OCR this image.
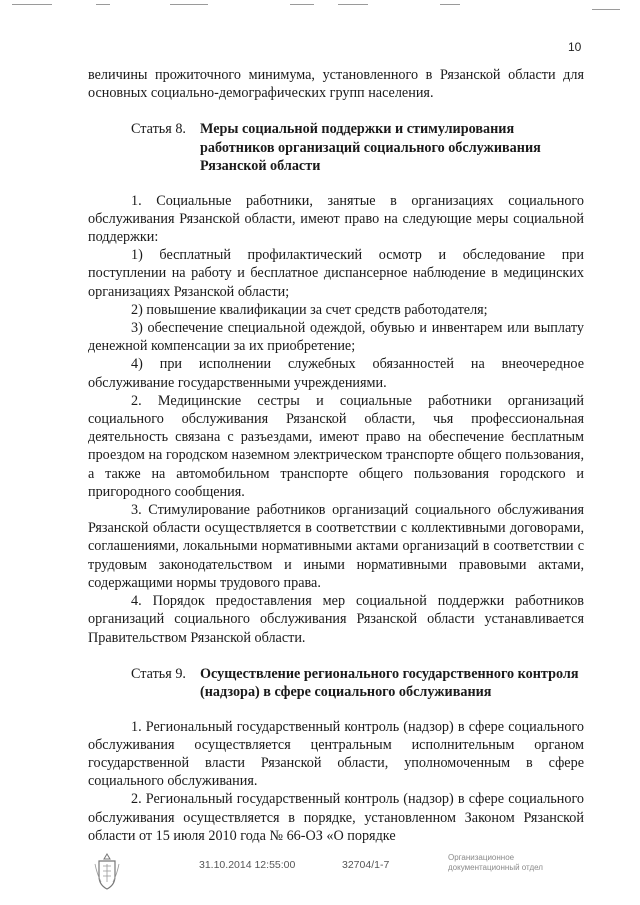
10

величины прожиточного минимума, установленного в Рязанской области для основных социально-демографических групп населения.

Статья 8. Меры социальной поддержки и стимулирования работников организаций социального обслуживания Рязанской области

1. Социальные работники, занятые в организациях социального обслуживания Рязанской области, имеют право на следующие меры социальной поддержки:

1) бесплатный профилактический осмотр и обследование при поступлении на работу и бесплатное диспансерное наблюдение в медицинских организациях Рязанской области;

2) повышение квалификации за счет средств работодателя;

3) обеспечение специальной одеждой, обувью и инвентарем или выплату денежной компенсации за их приобретение;

4) при исполнении служебных обязанностей на внеочередное обслуживание государственными учреждениями.

2. Медицинские сестры и социальные работники организаций социального обслуживания Рязанской области, чья профессиональная деятельность связана с разъездами, имеют право на обеспечение бесплатным проездом на городском наземном электрическом транспорте общего пользования, а также на автомобильном транспорте общего пользования городского и пригородного сообщения.

3. Стимулирование работников организаций социального обслуживания Рязанской области осуществляется в соответствии с коллективными договорами, соглашениями, локальными нормативными актами организаций в соответствии с трудовым законодательством и иными нормативными правовыми актами, содержащими нормы трудового права.

4. Порядок предоставления мер социальной поддержки работников организаций социального обслуживания Рязанской области устанавливается Правительством Рязанской области.

Статья 9. Осуществление регионального государственного контроля (надзора) в сфере социального обслуживания

1. Региональный государственный контроль (надзор) в сфере социального обслуживания осуществляется центральным исполнительным органом государственной власти Рязанской области, уполномоченным в сфере социального обслуживания.

2. Региональный государственный контроль (надзор) в сфере социального обслуживания осуществляется в порядке, установленном Законом Рязанской области от 15 июля 2010 года № 66-ОЗ «О порядке

31.10.2014 12:55:00	32704/1-7
Организационное
документационный отдел
